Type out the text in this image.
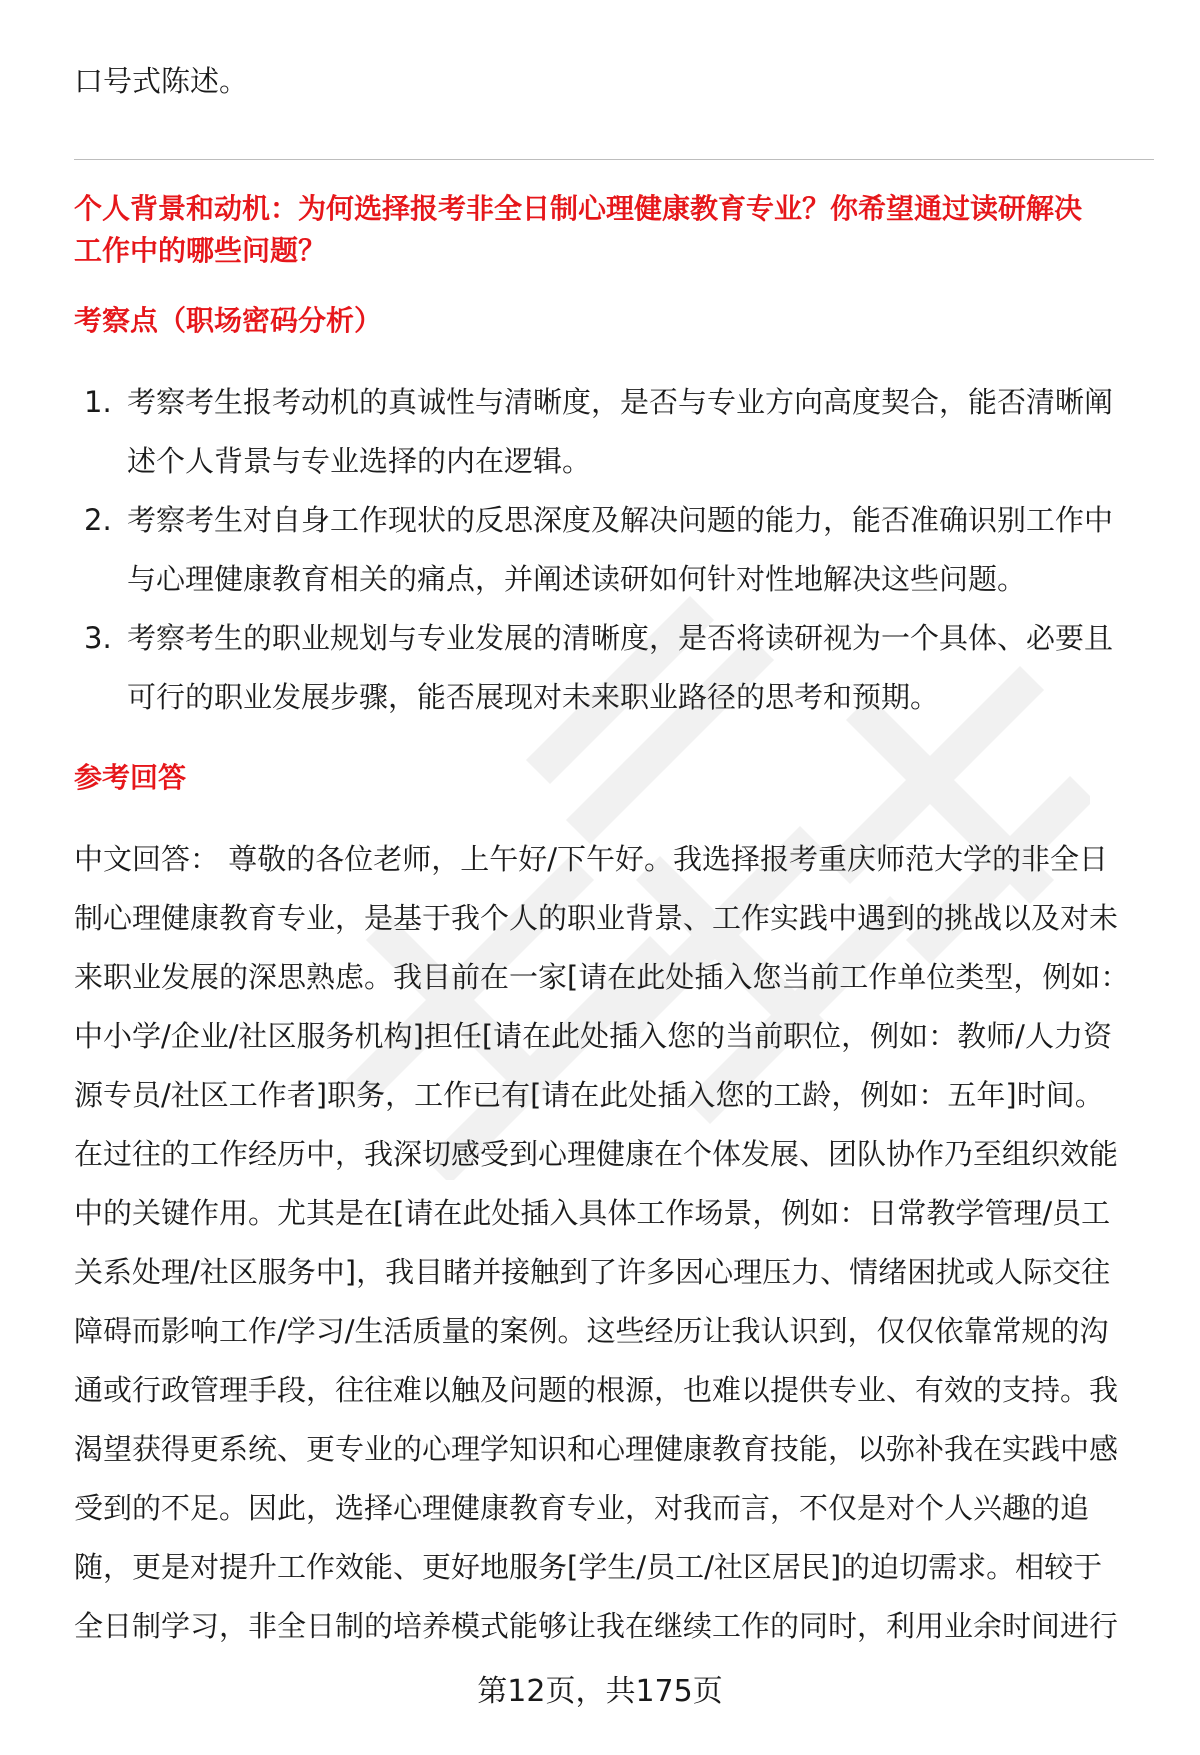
口号式陈述。

个人背景和动机：为何选择报考非全日制心理健康教育专业？你希望通过读研解决
工作中的哪些问题？
考察点（职场密码分析）
1. 考察考生报考动机的真诚性与清晰度，是否与专业方向高度契合，能否清晰阐
述个人背景与专业选择的内在逻辑。
2. 考察考生对自身工作现状的反思深度及解决问题的能力，能否准确识别工作中
与心理健康教育相关的痛点，并阐述读研如何针对性地解决这些问题。
3. 考察考生的职业规划与专业发展的清晰度，是否将读研视为一个具体、必要且
可行的职业发展步骤，能否展现对未来职业路径的思考和预期。
参考回答

中文回答： 尊敬的各位老师，上午好/下午好。我选择报考重庆师范大学的非全日
制心理健康教育专业，是基于我个人的职业背景、工作实践中遇到的挑战以及对未
来职业发展的深思熟虑。我目前在一家[请在此处插入您当前工作单位类型，例如：
中小学/企业/社区服务机构]担任[请在此处插入您的当前职位，例如：教师/人力资
源专员/社区工作者]职务，工作已有[请在此处插入您的工龄，例如：五年]时间。
在过往的工作经历中，我深切感受到心理健康在个体发展、团队协作乃至组织效能
中的关键作用。尤其是在[请在此处插入具体工作场景，例如：日常教学管理/员工
关系处理/社区服务中]，我目睹并接触到了许多因心理压力、情绪困扰或人际交往
障碍而影响工作/学习/生活质量的案例。这些经历让我认识到，仅仅依靠常规的沟
通或行政管理手段，往往难以触及问题的根源，也难以提供专业、有效的支持。我
渴望获得更系统、更专业的心理学知识和心理健康教育技能，以弥补我在实践中感
受到的不足。因此，选择心理健康教育专业，对我而言，不仅是对个人兴趣的追
随，更是对提升工作效能、更好地服务[学生/员工/社区居民]的迫切需求。相较于
全日制学习，非全日制的培养模式能够让我在继续工作的同时，利用业余时间进行

第12页，共175页
